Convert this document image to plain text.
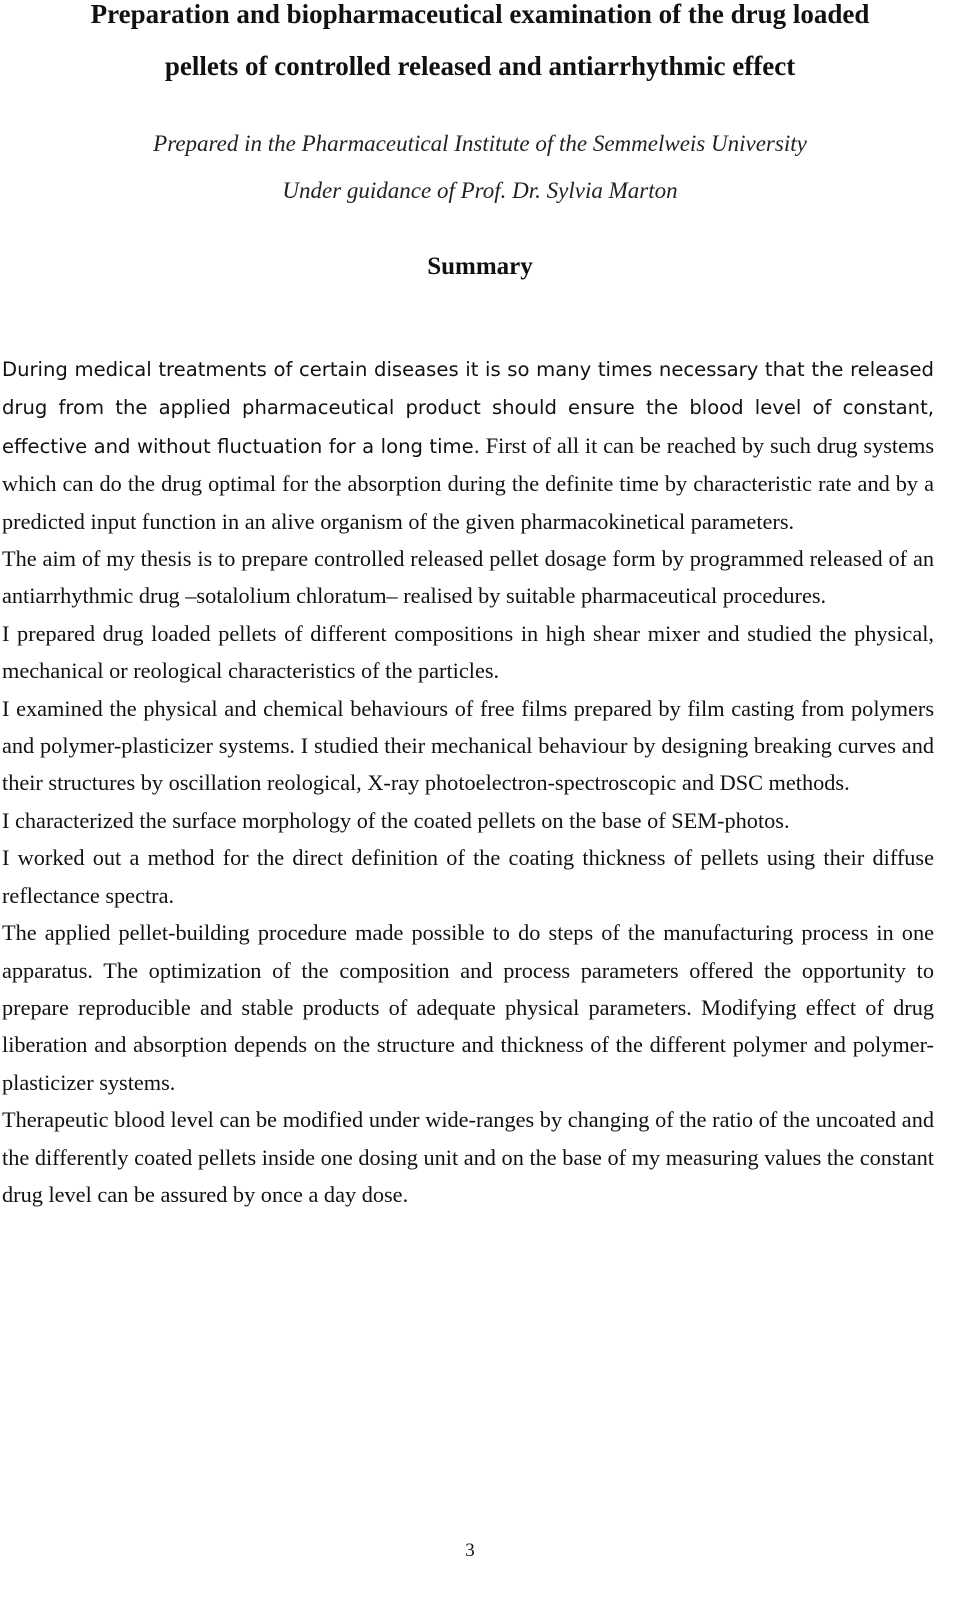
Preparation and biopharmaceutical examination of the drug loaded
pellets of controlled released and antiarrhythmic effect
Prepared in the Pharmaceutical Institute of the Semmelweis University
Under guidance of Prof. Dr. Sylvia Marton
Summary

During medical treatments of certain diseases it is so many times necessary that the released drug from the applied pharmaceutical product should ensure the blood level of constant, effective and without fluctuation for a long time. First of all it can be reached by such drug systems which can do the drug optimal for the absorption during the definite time by characteristic rate and by a predicted input function in an alive organism of the given pharmacokinetical parameters.

The aim of my thesis is to prepare controlled released pellet dosage form by programmed released of an antiarrhythmic drug –sotalolium chloratum– realised by suitable pharmaceutical procedures.

I prepared drug loaded pellets of different compositions in high shear mixer and studied the physical, mechanical or reological characteristics of the particles.

I examined the physical and chemical behaviours of free films prepared by film casting from polymers and polymer-plasticizer systems. I studied their mechanical behaviour by designing breaking curves and their structures by oscillation reological, X-ray photoelectron-spectroscopic and DSC methods.

I characterized the surface morphology of the coated pellets on the base of SEM-photos.

I worked out a method for the direct definition of the coating thickness of pellets using their diffuse reflectance spectra.

The applied pellet-building procedure made possible to do steps of the manufacturing process in one apparatus. The optimization of the composition and process parameters offered the opportunity to prepare reproducible and stable products of adequate physical parameters. Modifying effect of drug liberation and absorption depends on the structure and thickness of the different polymer and polymer-plasticizer systems.

Therapeutic blood level can be modified under wide-ranges by changing of the ratio of the uncoated and the differently coated pellets inside one dosing unit and on the base of my measuring values the constant drug level can be assured by once a day dose.

3
